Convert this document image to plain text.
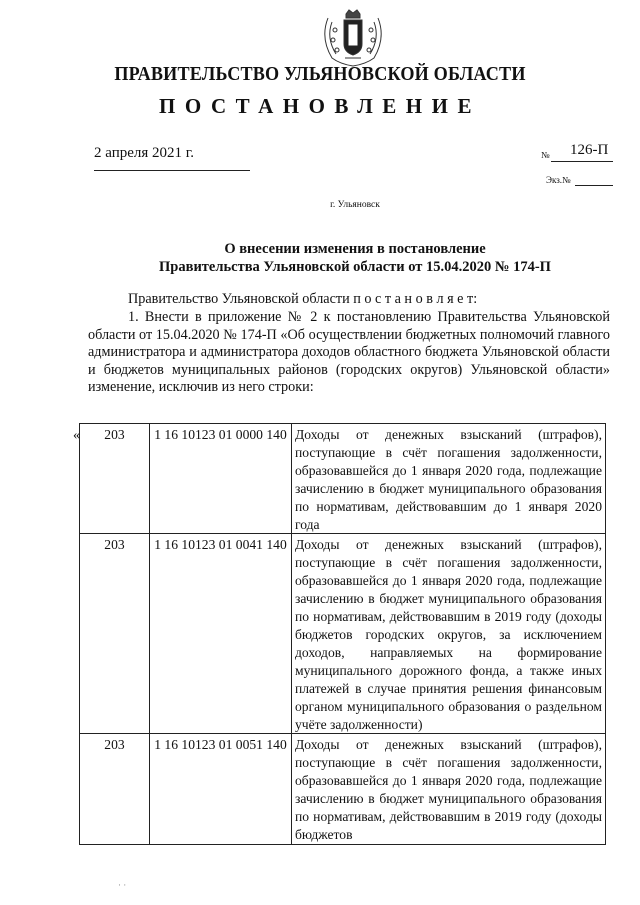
ПРАВИТЕЛЬСТВО УЛЬЯНОВСКОЙ ОБЛАСТИ
ПОСТАНОВЛЕНИЕ
2 апреля 2021 г.	№ 126-П
Экз.№
г. Ульяновск
О внесении изменения в постановление
Правительства Ульяновской области от 15.04.2020 № 174-П
Правительство Ульяновской области п о с т а н о в л я е т:
1. Внести в приложение № 2 к постановлению Правительства Ульяновской области от 15.04.2020 № 174-П «Об осуществлении бюджетных полномочий главного администратора и администратора доходов областного бюджета Ульяновской области и бюджетов муниципальных районов (городских округов) Ульяновской области» изменение, исключив из него строки:
« 203	1 16 10123 01 0000 140	Доходы от денежных взысканий (штрафов), поступающие в счёт погашения задолженности, образовавшейся до 1 января 2020 года, подлежащие зачислению в бюджет муниципального образования по нормативам, действовавшим до 1 января 2020 года
203	1 16 10123 01 0041 140	Доходы от денежных взысканий (штрафов), поступающие в счёт погашения задолженности, образовавшейся до 1 января 2020 года, подлежащие зачислению в бюджет муниципального образования по нормативам, действовавшим в 2019 году (доходы бюджетов городских округов, за исключением доходов, направляемых на формирование муниципального дорожного фонда, а также иных платежей в случае принятия решения финансовым органом муниципального образования о раздельном учёте задолженности)
203	1 16 10123 01 0051 140	Доходы от денежных взысканий (штрафов), поступающие в счёт погашения задолженности, образовавшейся до 1 января 2020 года, подлежащие зачислению в бюджет муниципального образования по нормативам, действовавшим в 2019 году (доходы бюджетов
· ·
